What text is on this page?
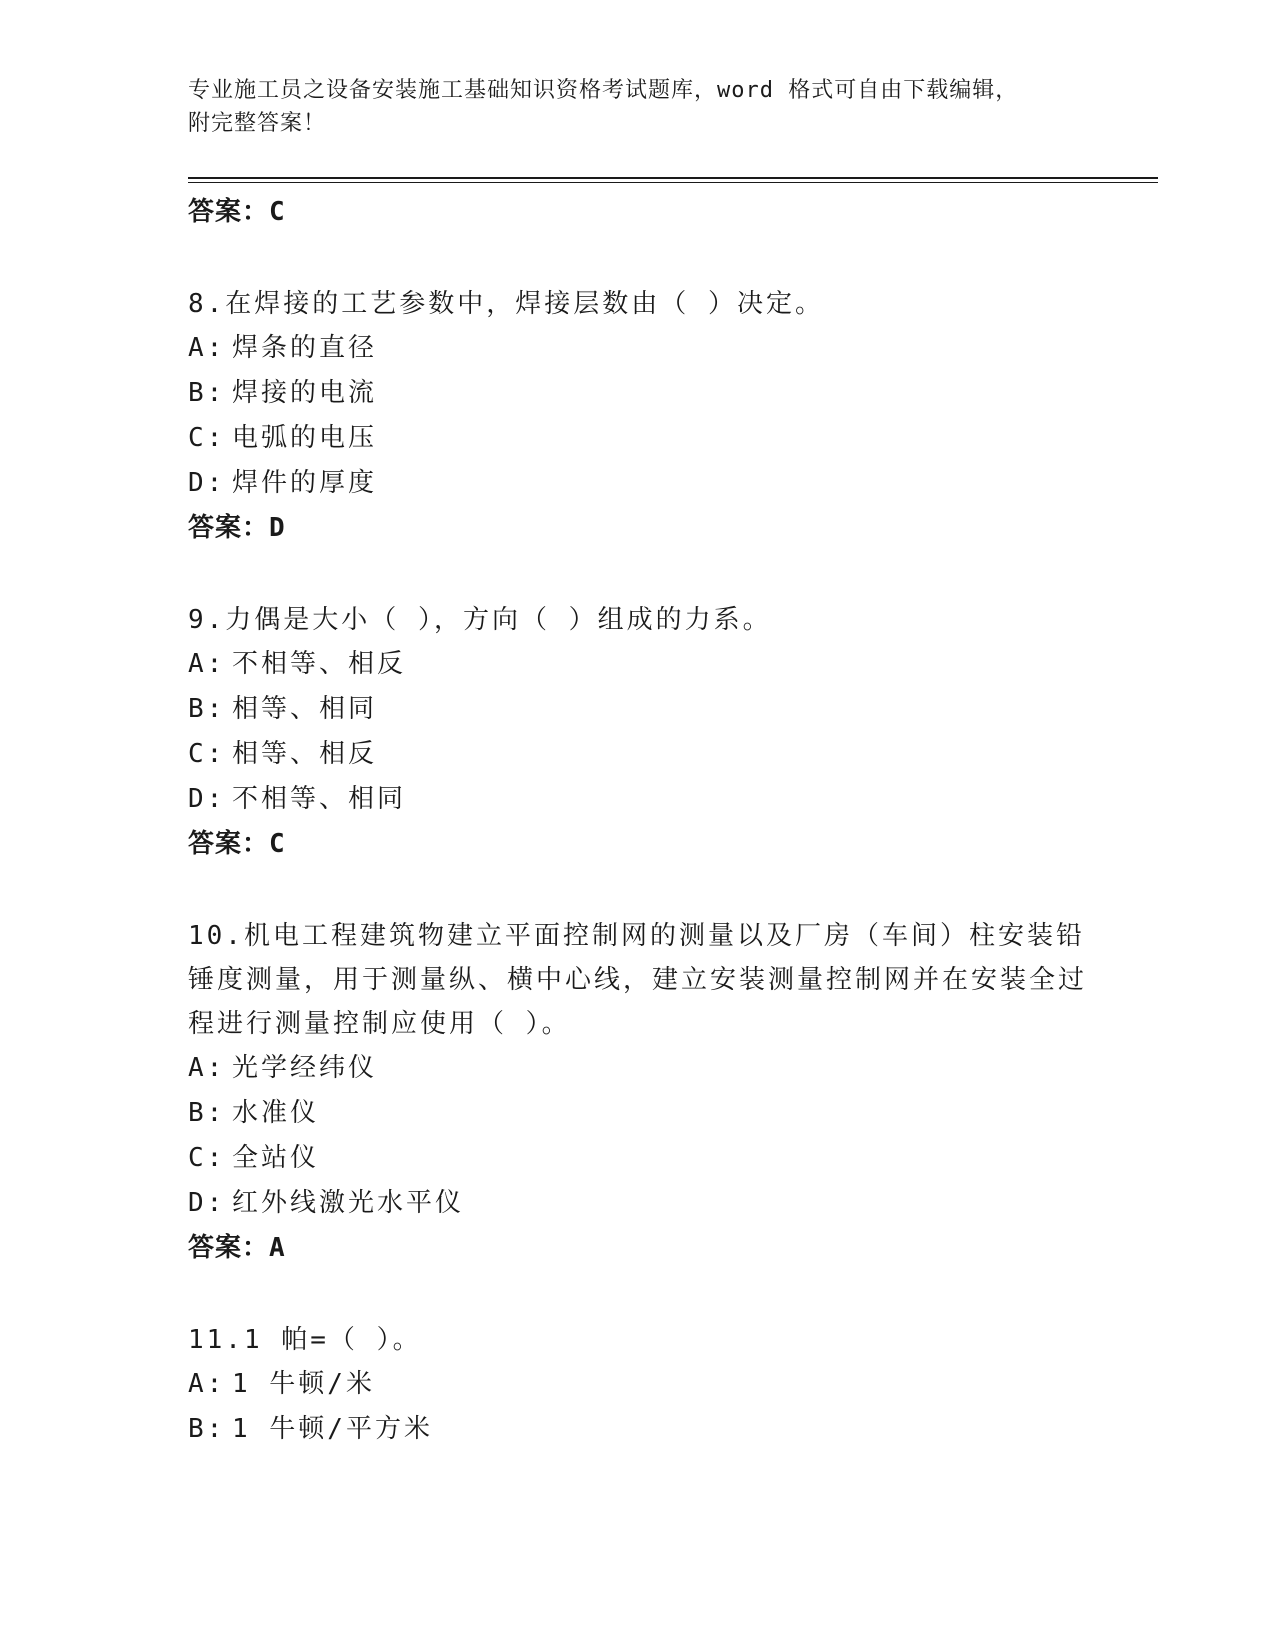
专业施工员之设备安装施工基础知识资格考试题库，word 格式可自由下载编辑，
附完整答案！
答案：C
8.在焊接的工艺参数中，焊接层数由（ ）决定。
A: 焊条的直径
B: 焊接的电流
C: 电弧的电压
D: 焊件的厚度
答案：D
9.力偶是大小（ ），方向（ ）组成的力系。
A: 不相等、相反
B: 相等、相同
C: 相等、相反
D: 不相等、相同
答案：C
10.机电工程建筑物建立平面控制网的测量以及厂房（车间）柱安装铅锤度测量，用于测量纵、横中心线，建立安装测量控制网并在安装全过程进行测量控制应使用（ ）。
A: 光学经纬仪
B: 水准仪
C: 全站仪
D: 红外线激光水平仪
答案：A
11.1 帕=（ ）。
A: 1 牛顿/米
B: 1 牛顿/平方米
